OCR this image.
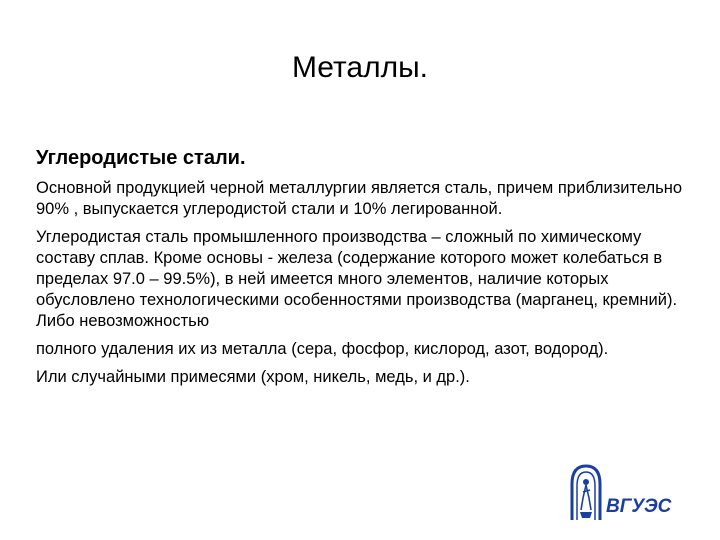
Металлы.
Углеродистые стали.
Основной продукцией черной металлургии является сталь, причем приблизительно 90% , выпускается углеродистой стали и 10% легированной.
Углеродистая сталь промышленного производства – сложный по химическому составу сплав. Кроме основы - железа (содержание которого может колебаться в пределах 97.0 – 99.5%), в ней имеется много элементов, наличие которых обусловлено технологическими особенностями производства (марганец, кремний). Либо невозможностью
полного удаления их из металла (сера, фосфор, кислород, азот, водород).
Или случайными примесями (хром, никель, медь, и др.).
ВГУЭС
